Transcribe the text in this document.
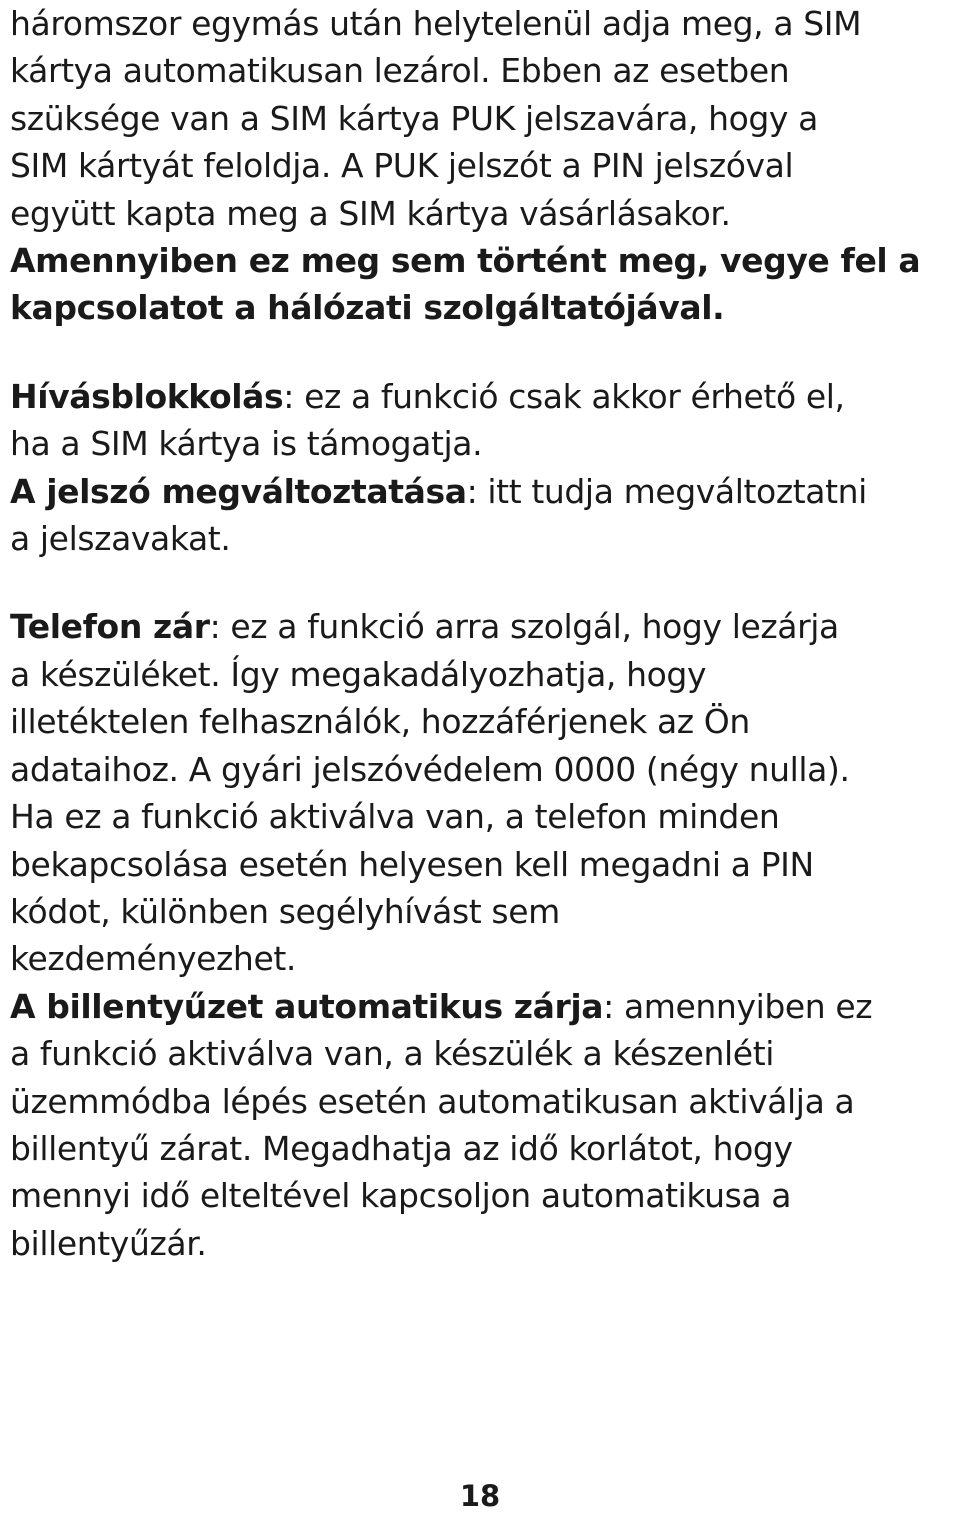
háromszor egymás után helytelenül adja meg, a SIM
kártya automatikusan lezárol. Ebben az esetben
szüksége van a SIM kártya PUK jelszavára, hogy a
SIM kártyát feloldja. A PUK jelszót a PIN jelszóval
együtt kapta meg a SIM kártya vásárlásakor.
Amennyiben ez meg sem történt meg, vegye fel a
kapcsolatot a hálózati szolgáltatójával.

Hívásblokkolás: ez a funkció csak akkor érhető el,
ha a SIM kártya is támogatja.

A jelszó megváltoztatása: itt tudja megváltoztatni
a jelszavakat.

Telefon zár: ez a funkció arra szolgál, hogy lezárja
a készüléket. Így megakadályozhatja, hogy
illetéktelen felhasználók, hozzáférjenek az Ön
adataihoz. A gyári jelszóvédelem 0000 (négy nulla).
Ha ez a funkció aktiválva van, a telefon minden
bekapcsolása esetén helyesen kell megadni a PIN
kódot, különben segélyhívást sem
kezdeményezhet.

A billentyűzet automatikus zárja: amennyiben ez
a funkció aktiválva van, a készülék a készenléti
üzemmódba lépés esetén automatikusan aktiválja a
billentyű zárat. Megadhatja az idő korlátot, hogy
mennyi idő elteltével kapcsoljon automatikusa a
billentyűzár.

18
